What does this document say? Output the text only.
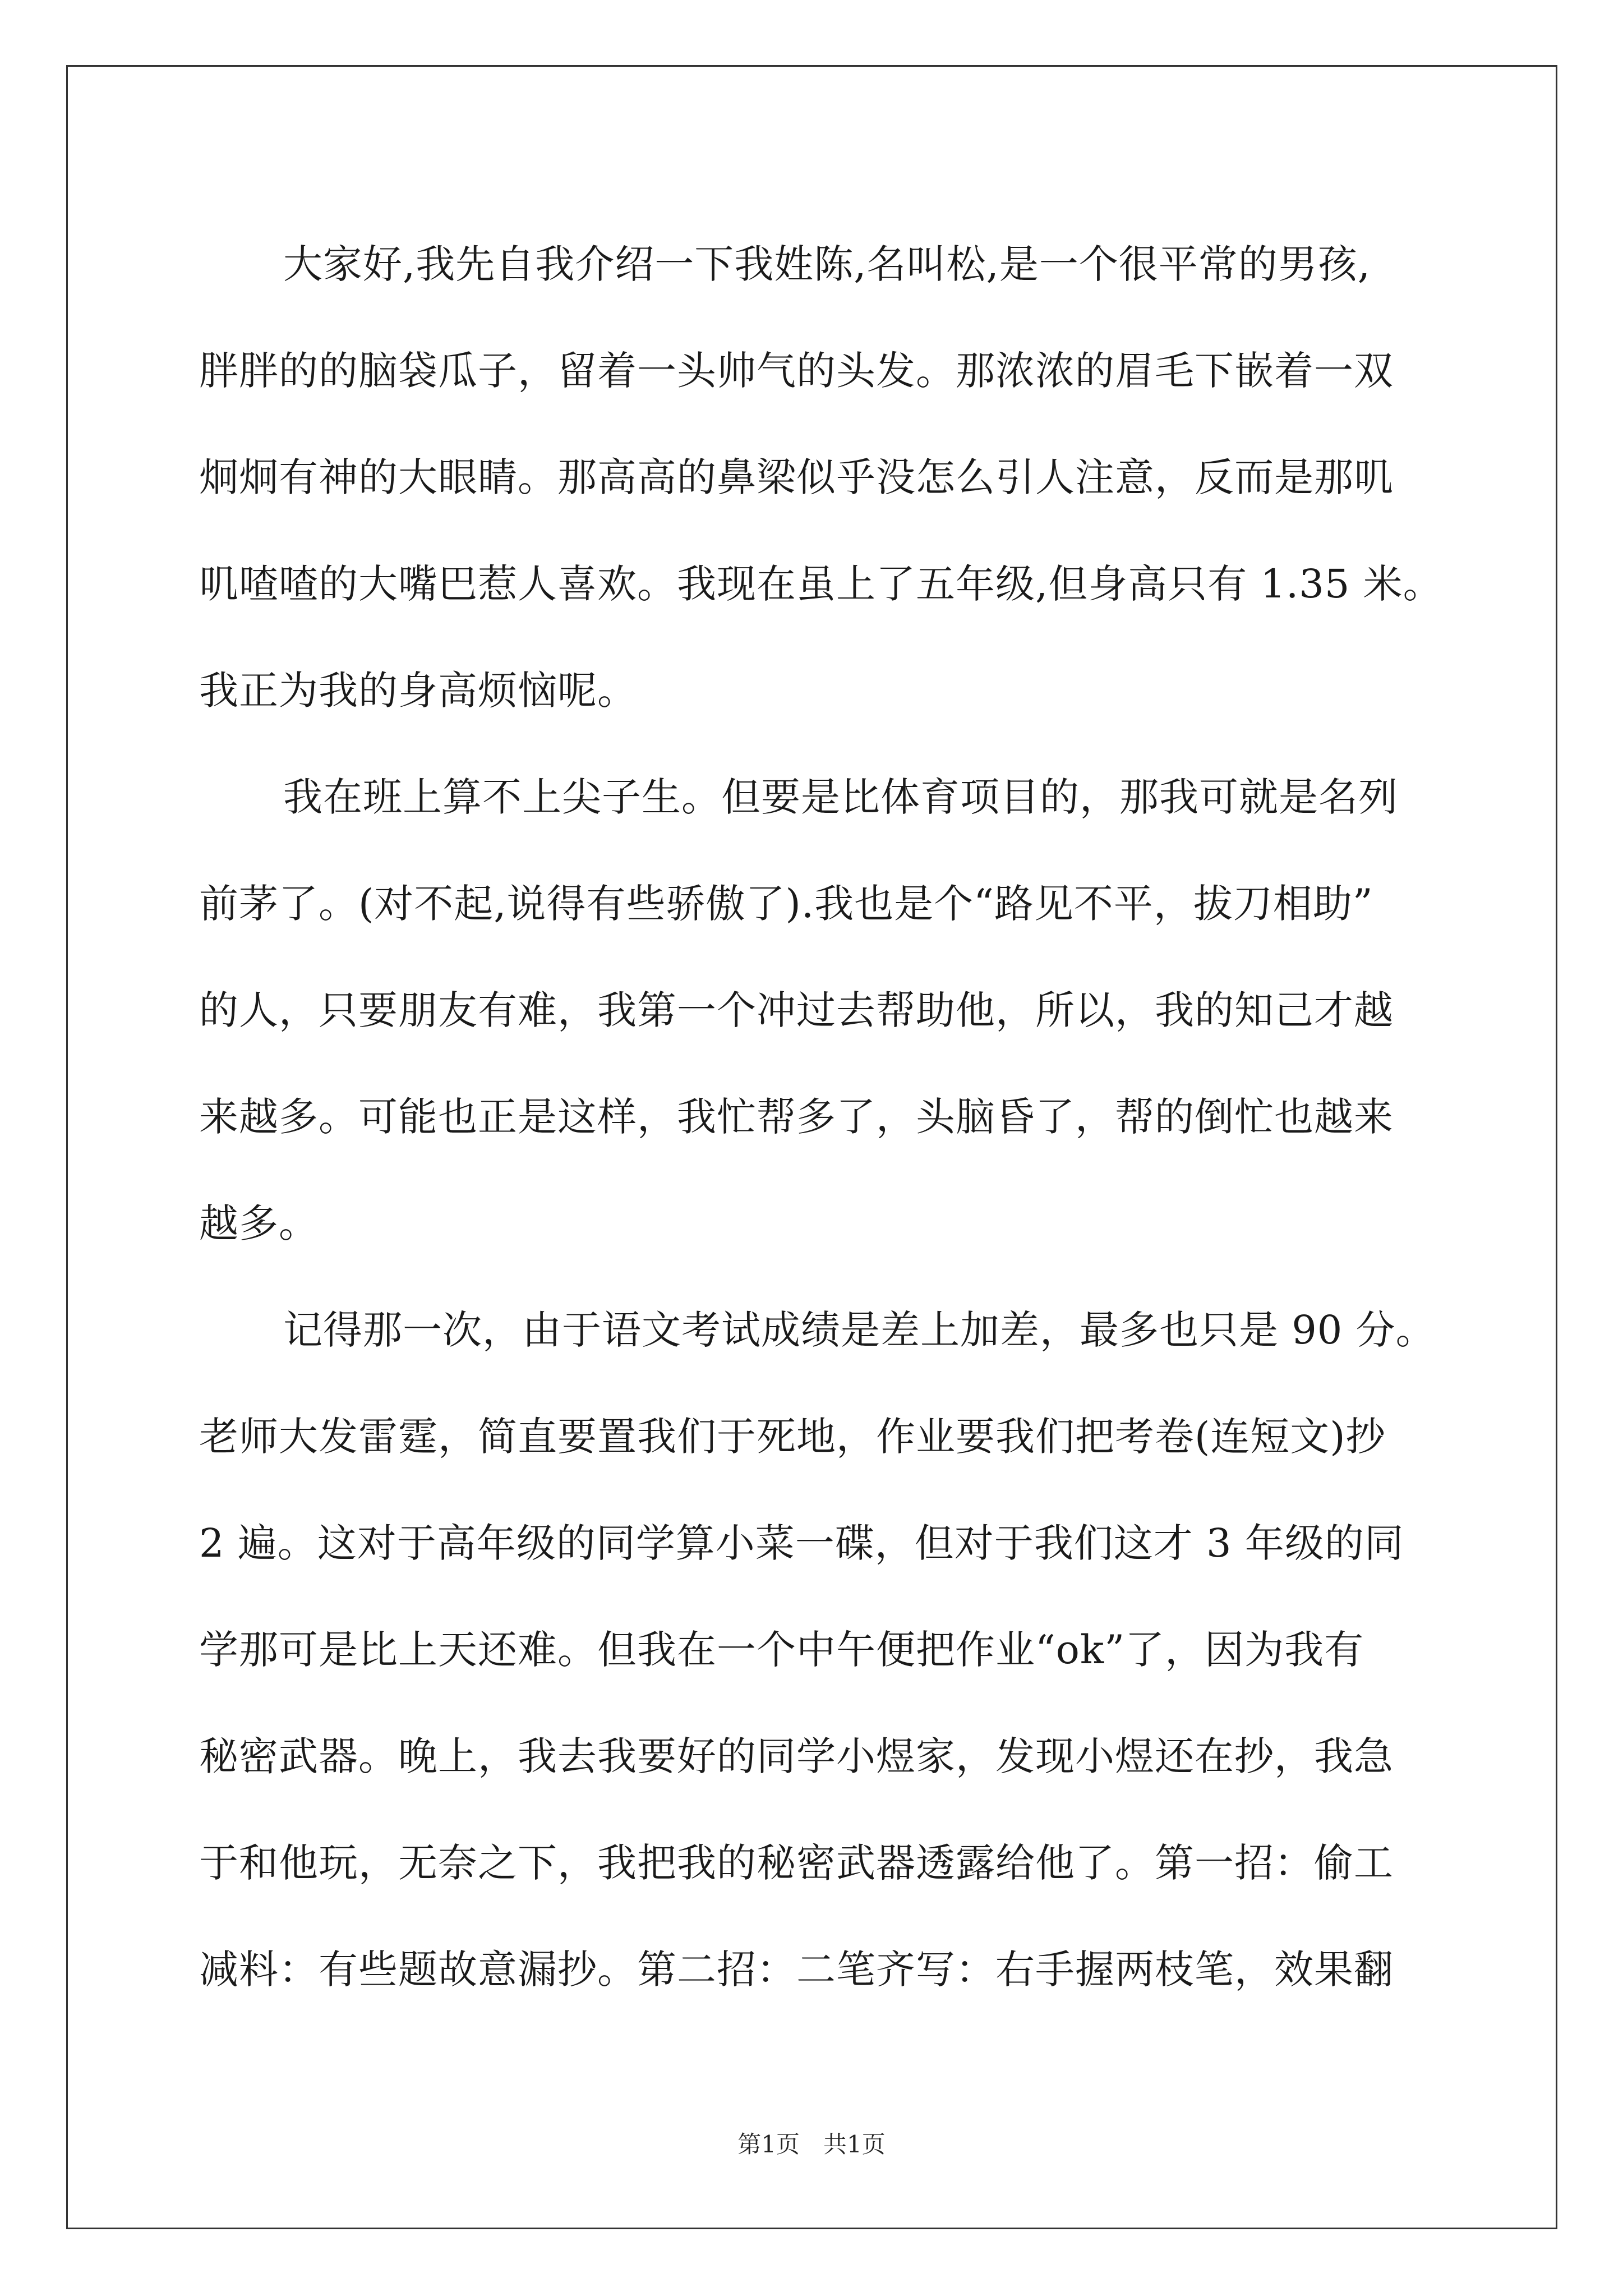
大家好,我先自我介绍一下我姓陈,名叫松,是一个很平常的男孩,
胖胖的的脑袋瓜子，留着一头帅气的头发。那浓浓的眉毛下嵌着一双
炯炯有神的大眼睛。那高高的鼻梁似乎没怎么引人注意，反而是那叽
叽喳喳的大嘴巴惹人喜欢。我现在虽上了五年级,但身高只有 1.35 米。
我正为我的身高烦恼呢。
我在班上算不上尖子生。但要是比体育项目的，那我可就是名列
前茅了。(对不起,说得有些骄傲了).我也是个“路见不平，拔刀相助”
的人，只要朋友有难，我第一个冲过去帮助他，所以，我的知己才越
来越多。可能也正是这样，我忙帮多了，头脑昏了，帮的倒忙也越来
越多。
记得那一次，由于语文考试成绩是差上加差，最多也只是 90 分。
老师大发雷霆，简直要置我们于死地，作业要我们把考卷(连短文)抄
2 遍。这对于高年级的同学算小菜一碟，但对于我们这才 3 年级的同
学那可是比上天还难。但我在一个中午便把作业“ok”了，因为我有
秘密武器。晚上，我去我要好的同学小煜家，发现小煜还在抄，我急
于和他玩，无奈之下，我把我的秘密武器透露给他了。第一招：偷工
减料：有些题故意漏抄。第二招：二笔齐写：右手握两枝笔，效果翻
第1页　共1页
